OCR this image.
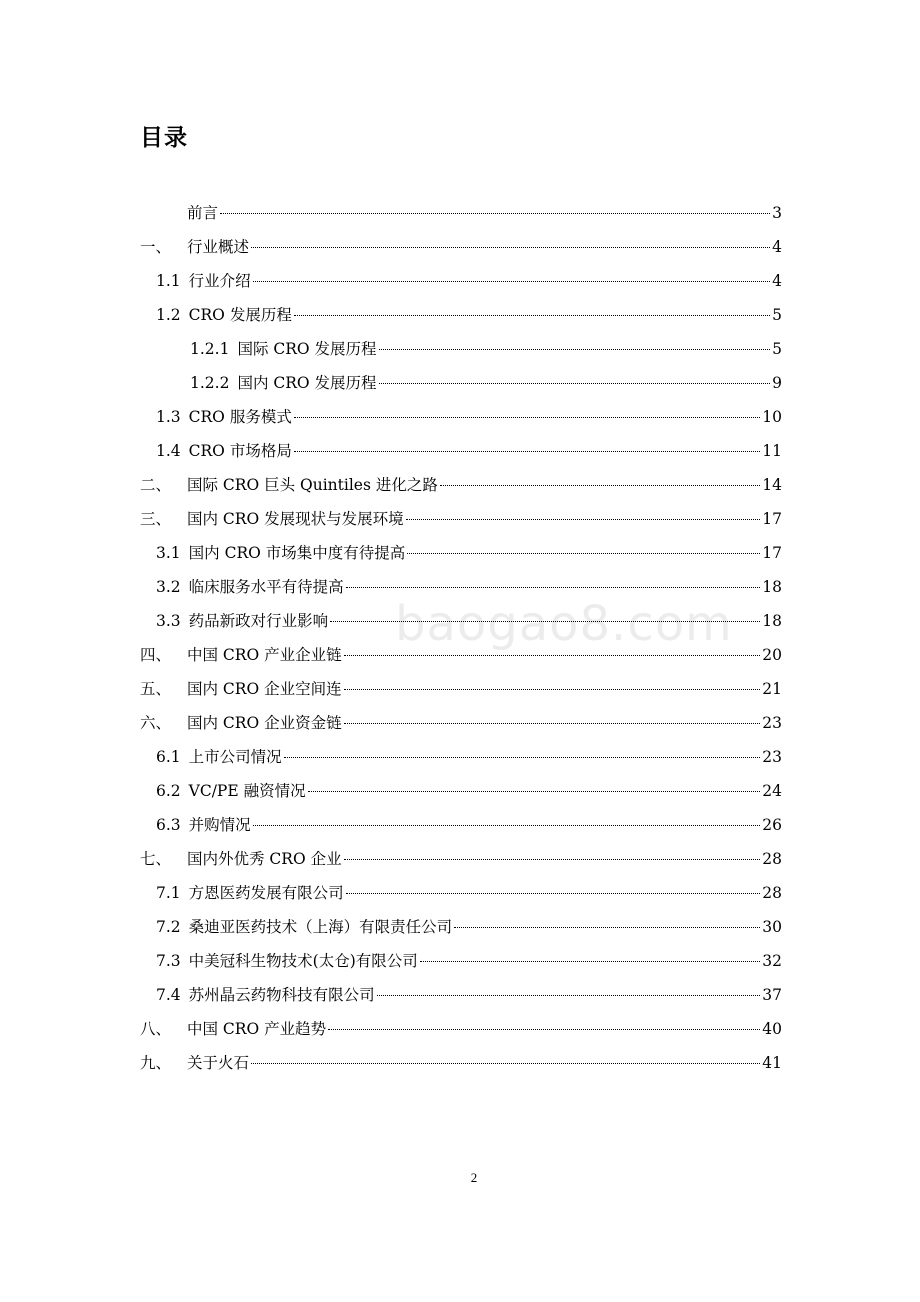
目录
前言	3
一、	行业概述	4
1.1 行业介绍	4
1.2 CRO 发展历程	5
1.2.1 国际 CRO 发展历程	5
1.2.2 国内 CRO 发展历程	9
1.3 CRO 服务模式	10
1.4 CRO 市场格局	11
二、	国际 CRO 巨头 Quintiles 进化之路	14
三、	国内 CRO 发展现状与发展环境	17
3.1 国内 CRO 市场集中度有待提高	17
3.2 临床服务水平有待提高	18
3.3 药品新政对行业影响	18
四、	中国 CRO 产业企业链	20
五、	国内 CRO 企业空间连	21
六、	国内 CRO 企业资金链	23
6.1 上市公司情况	23
6.2 VC/PE 融资情况	24
6.3 并购情况	26
七、	国内外优秀 CRO 企业	28
7.1 方恩医药发展有限公司	28
7.2 桑迪亚医药技术（上海）有限责任公司	30
7.3 中美冠科生物技术(太仓)有限公司	32
7.4 苏州晶云药物科技有限公司	37
八、	中国 CRO 产业趋势	40
九、	关于火石	41
baogao8.com
2
